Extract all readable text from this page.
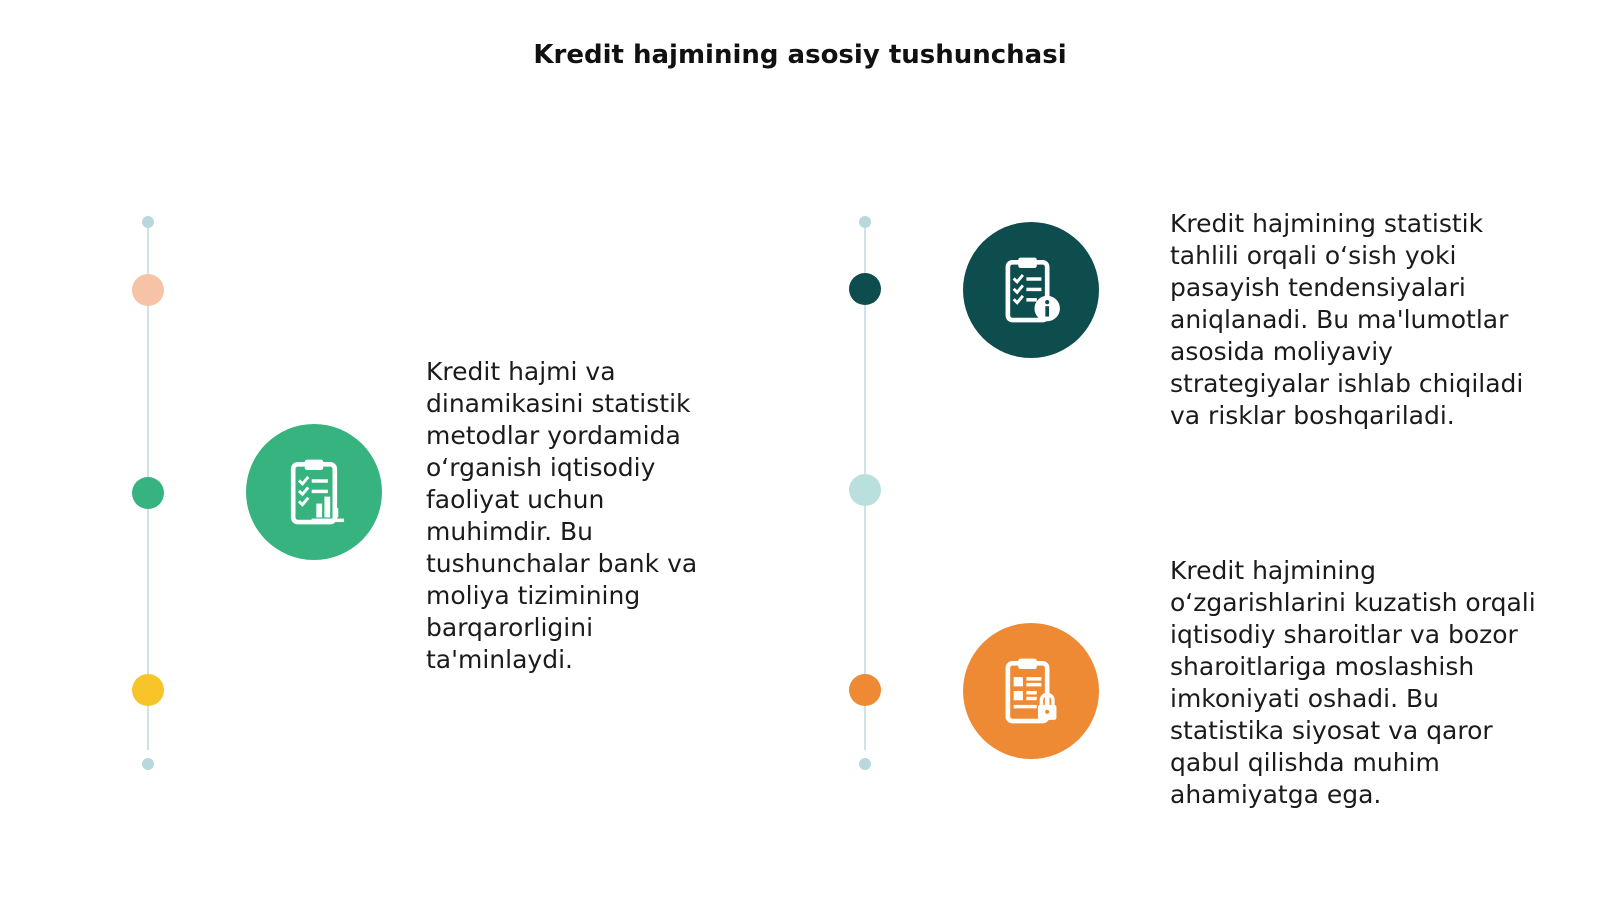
Kredit hajmining asosiy tushunchasi
Kredit hajmi va dinamikasini statistik metodlar yordamida o‘rganish iqtisodiy faoliyat uchun muhimdir. Bu tushunchalar bank va moliya tizimining barqarorligini ta'minlaydi.
Kredit hajmining statistik tahlili orqali o‘sish yoki pasayish tendensiyalari aniqlanadi. Bu ma'lumotlar asosida moliyaviy strategiyalar ishlab chiqiladi va risklar boshqariladi.
Kredit hajmining o‘zgarishlarini kuzatish orqali iqtisodiy sharoitlar va bozor sharoitlariga moslashish imkoniyati oshadi. Bu statistika siyosat va qaror qabul qilishda muhim ahamiyatga ega.
